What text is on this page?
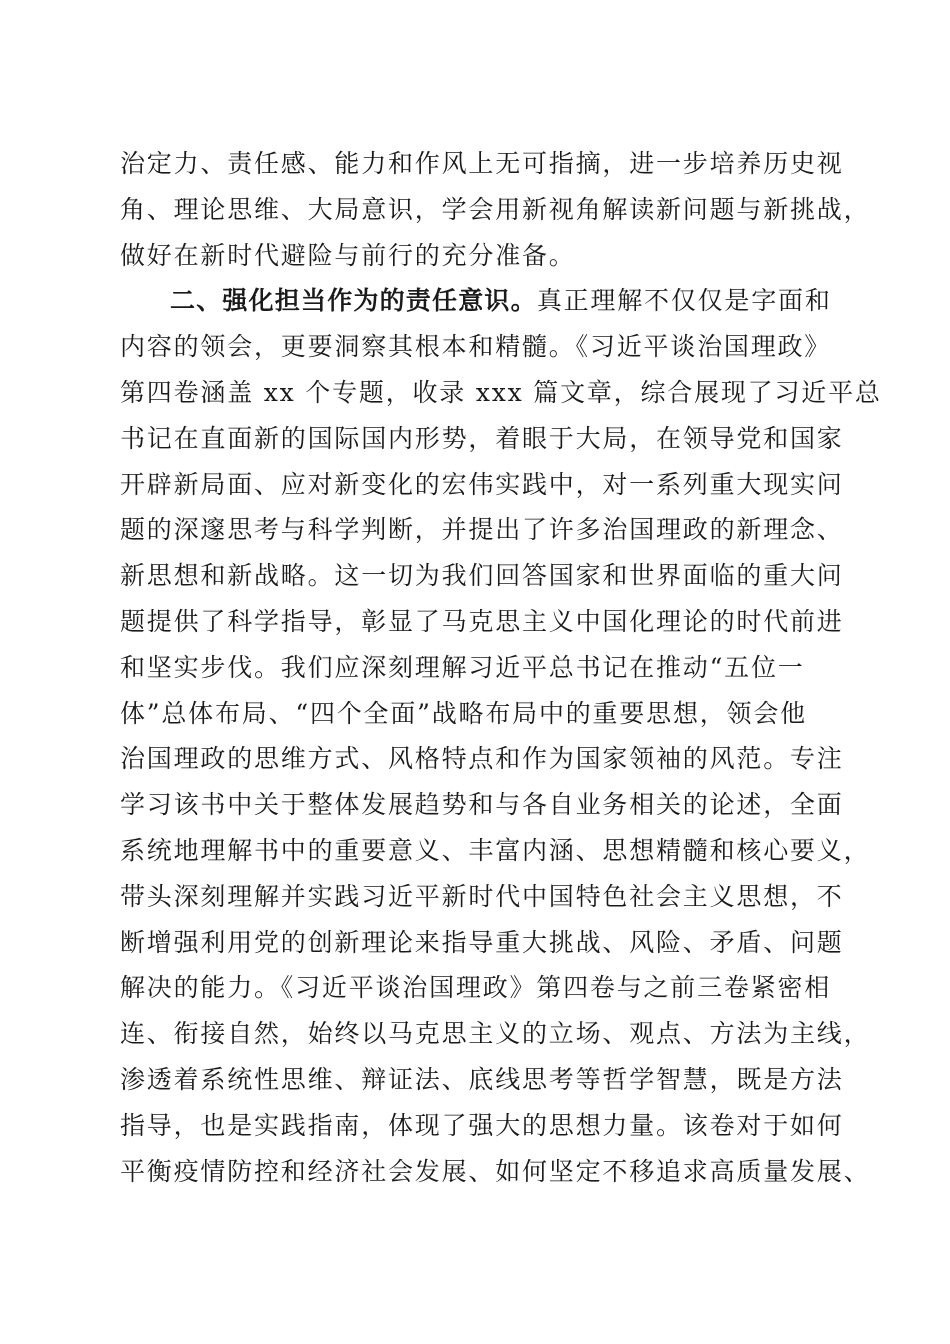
治定力、责任感、能力和作风上无可指摘，进一步培养历史视
角、理论思维、大局意识，学会用新视角解读新问题与新挑战，
做好在新时代避险与前行的充分准备。
二、强化担当作为的责任意识。真正理解不仅仅是字面和
内容的领会，更要洞察其根本和精髓。《习近平谈治国理政》
第四卷涵盖 xx 个专题，收录 xxx 篇文章，综合展现了习近平总
书记在直面新的国际国内形势，着眼于大局，在领导党和国家
开辟新局面、应对新变化的宏伟实践中，对一系列重大现实问
题的深邃思考与科学判断，并提出了许多治国理政的新理念、
新思想和新战略。这一切为我们回答国家和世界面临的重大问
题提供了科学指导，彰显了马克思主义中国化理论的时代前进
和坚实步伐。我们应深刻理解习近平总书记在推动“五位一
体”总体布局、“四个全面”战略布局中的重要思想，领会他
治国理政的思维方式、风格特点和作为国家领袖的风范。专注
学习该书中关于整体发展趋势和与各自业务相关的论述，全面
系统地理解书中的重要意义、丰富内涵、思想精髓和核心要义，
带头深刻理解并实践习近平新时代中国特色社会主义思想，不
断增强利用党的创新理论来指导重大挑战、风险、矛盾、问题
解决的能力。《习近平谈治国理政》第四卷与之前三卷紧密相
连、衔接自然，始终以马克思主义的立场、观点、方法为主线，
渗透着系统性思维、辩证法、底线思考等哲学智慧，既是方法
指导，也是实践指南，体现了强大的思想力量。该卷对于如何
平衡疫情防控和经济社会发展、如何坚定不移追求高质量发展、
